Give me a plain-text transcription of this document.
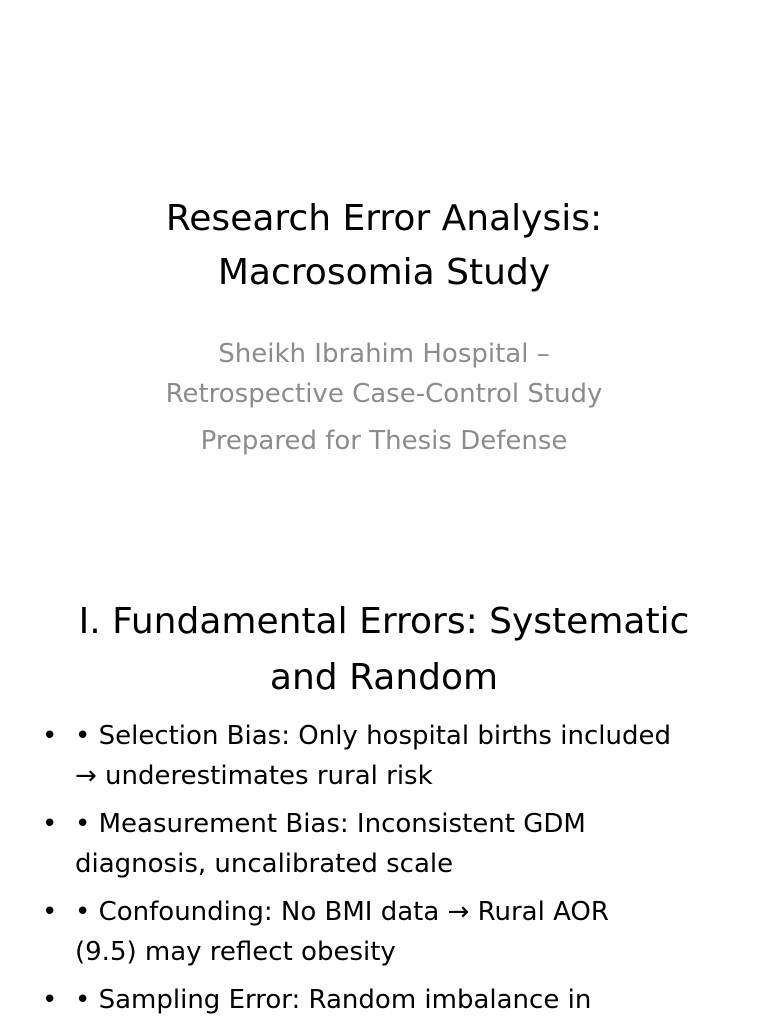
Research Error Analysis:
Macrosomia Study
Sheikh Ibrahim Hospital –
Retrospective Case-Control Study
Prepared for Thesis Defense
I. Fundamental Errors: Systematic
and Random
• • Selection Bias: Only hospital births included
→ underestimates rural risk
• • Measurement Bias: Inconsistent GDM
diagnosis, uncalibrated scale
• • Confounding: No BMI data → Rural AOR
(9.5) may reflect obesity
• • Sampling Error: Random imbalance in
